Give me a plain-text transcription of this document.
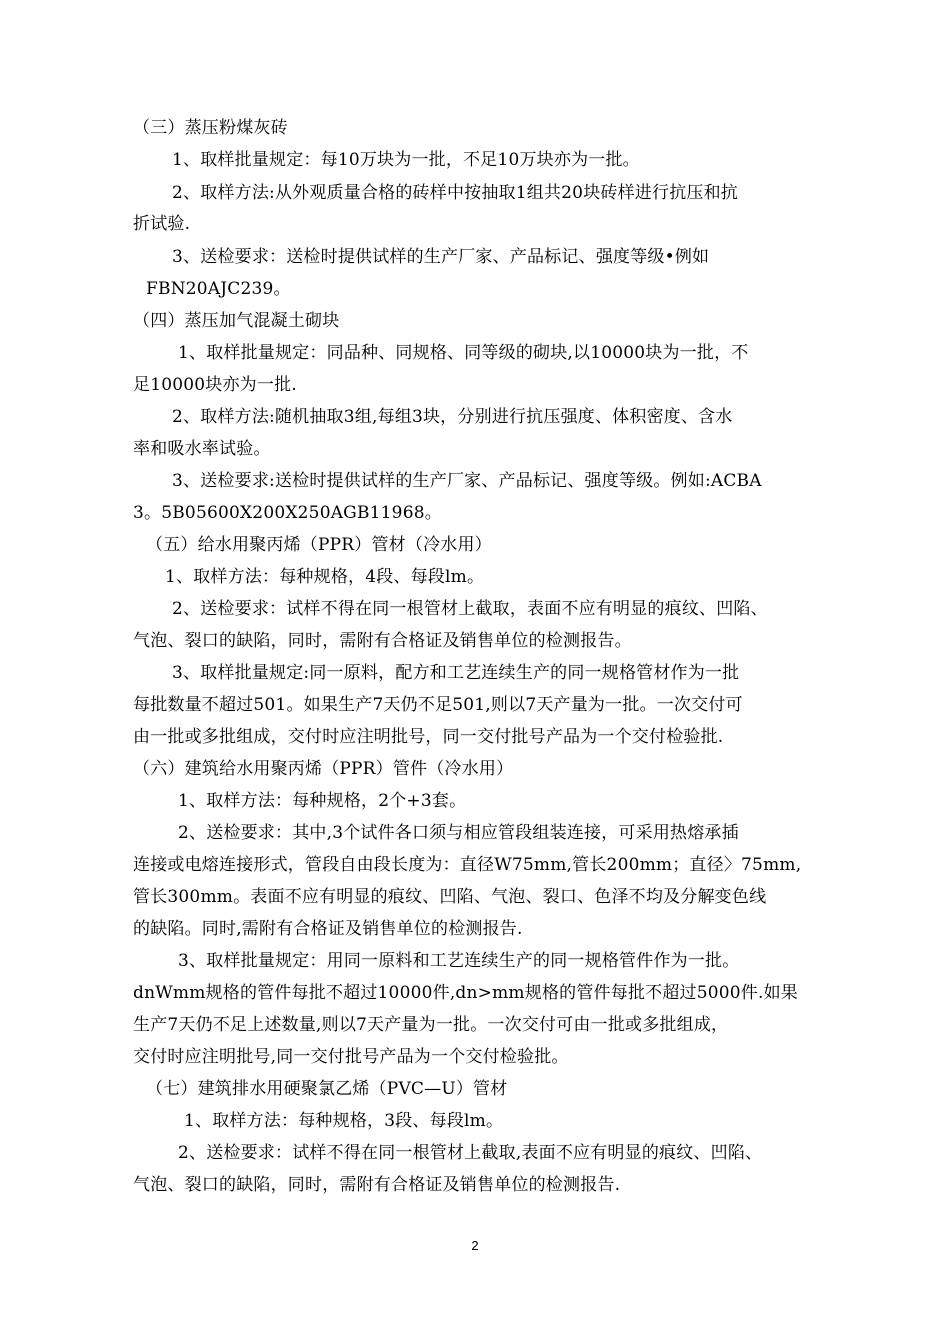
（三）蒸压粉煤灰砖
1、取样批量规定：每10万块为一批，不足10万块亦为一批。
2、取样方法:从外观质量合格的砖样中按抽取1组共20块砖样进行抗压和抗
折试验.
3、送检要求：送检时提供试样的生产厂家、产品标记、强度等级•例如
FBN20AJC239。
（四）蒸压加气混凝土砌块
1、取样批量规定：同品种、同规格、同等级的砌块,以10000块为一批，不
足10000块亦为一批.
2、取样方法:随机抽取3组,每组3块，分别进行抗压强度、体积密度、含水
率和吸水率试验。
3、送检要求:送检时提供试样的生产厂家、产品标记、强度等级。例如:ACBA
3。5B05600X200X250AGB11968。
（五）给水用聚丙烯（PPR）管材（冷水用）
1、取样方法：每种规格，4段、每段lm。
2、送检要求：试样不得在同一根管材上截取，表面不应有明显的痕纹、凹陷、
气泡、裂口的缺陷，同时，需附有合格证及销售单位的检测报告。
3、取样批量规定:同一原料，配方和工艺连续生产的同一规格管材作为一批
每批数量不超过501。如果生产7天仍不足501,则以7天产量为一批。一次交付可
由一批或多批组成，交付时应注明批号，同一交付批号产品为一个交付检验批.
（六）建筑给水用聚丙烯（PPR）管件（冷水用）
1、取样方法：每种规格，2个+3套。
2、送检要求：其中,3个试件各口须与相应管段组装连接，可采用热熔承插
连接或电熔连接形式，管段自由段长度为：直径W75mm,管长200mm；直径〉75mm,
管长300mm。表面不应有明显的痕纹、凹陷、气泡、裂口、色泽不均及分解变色线
的缺陷。同时,需附有合格证及销售单位的检测报告.
3、取样批量规定：用同一原料和工艺连续生产的同一规格管件作为一批。
dnWmm规格的管件每批不超过10000件,dn>mm规格的管件每批不超过5000件.如果
生产7天仍不足上述数量,则以7天产量为一批。一次交付可由一批或多批组成，
交付时应注明批号,同一交付批号产品为一个交付检验批。
（七）建筑排水用硬聚氯乙烯（PVC—U）管材
1、取样方法：每种规格，3段、每段lm。
2、送检要求：试样不得在同一根管材上截取,表面不应有明显的痕纹、凹陷、
气泡、裂口的缺陷，同时，需附有合格证及销售单位的检测报告.
2
